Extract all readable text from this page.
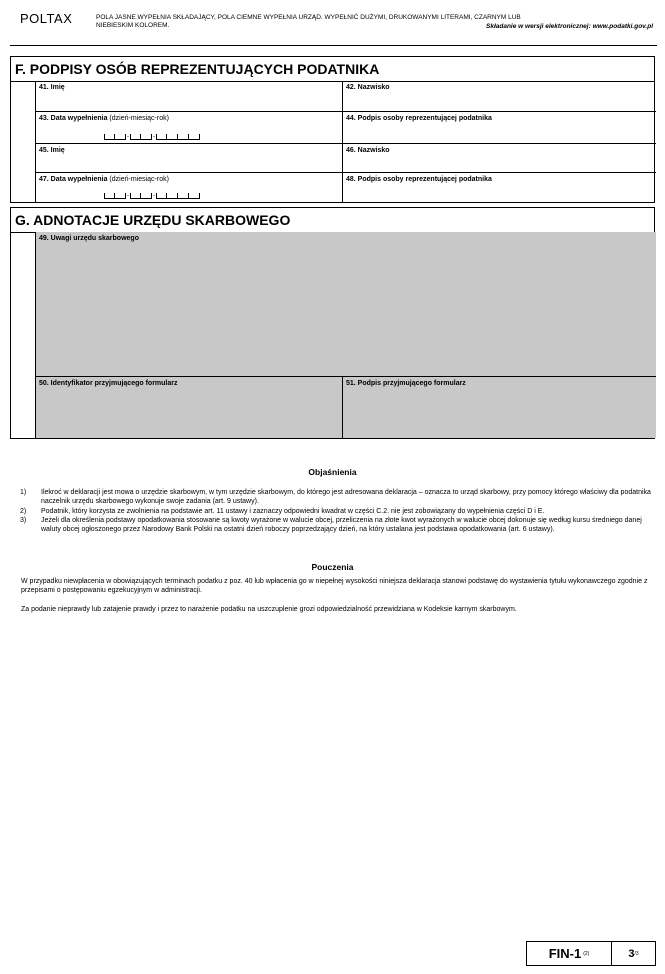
POLTAX	POLA JASNE WYPEŁNIA SKŁADAJĄCY, POLA CIEMNE WYPEŁNIA URZĄD. WYPEŁNIĆ DUŻYMI, DRUKOWANYMI LITERAMI, CZARNYM LUB NIEBIESKIM KOLOREM.	Składanie w wersji elektronicznej: www.podatki.gov.pl
F. PODPISY OSÓB REPREZENTUJĄCYCH PODATNIKA
41. Imię	42. Nazwisko
43. Data wypełnienia (dzień-miesiąc-rok)
-	-
44. Podpis osoby reprezentującej podatnika
45. Imię	46. Nazwisko
47. Data wypełnienia (dzień-miesiąc-rok)
-	-
48. Podpis osoby reprezentującej podatnika
G. ADNOTACJE URZĘDU SKARBOWEGO
49. Uwagi urzędu skarbowego
50. Identyfikator przyjmującego formularz	51. Podpis przyjmującego formularz
Objaśnienia
1) Ilekroć w deklaracji jest mowa o urzędzie skarbowym, w tym urzędzie skarbowym, do którego jest adresowana deklaracja – oznacza to urząd skarbowy, przy pomocy którego właściwy dla podatnika naczelnik urzędu skarbowego wykonuje swoje zadania (art. 9 ustawy).
2) Podatnik, który korzysta ze zwolnienia na podstawie art. 11 ustawy i zaznaczy odpowiedni kwadrat w części C.2. nie jest zobowiązany do wypełnienia części D i E.
3) Jeżeli dla określenia podstawy opodatkowania stosowane są kwoty wyrażone w walucie obcej, przeliczenia na złote kwot wyrażonych w walucie obcej dokonuje się według kursu średniego danej waluty obcej ogłoszonego przez Narodowy Bank Polski na ostatni dzień roboczy poprzedzający dzień, na który ustalana jest podstawa opodatkowania (art. 6 ustawy).
Pouczenia
W przypadku niewpłacenia w obowiązujących terminach podatku z poz. 40 lub wpłacenia go w niepełnej wysokości niniejsza deklaracja stanowi podstawę do wystawienia tytułu wykonawczego zgodnie z przepisami o postępowaniu egzekucyjnym w administracji.
Za podanie nieprawdy lub zatajenie prawdy i przez to narażenie podatku na uszczuplenie grozi odpowiedzialność przewidziana w Kodeksie karnym skarbowym.
FIN-1 (2)	3 /3
